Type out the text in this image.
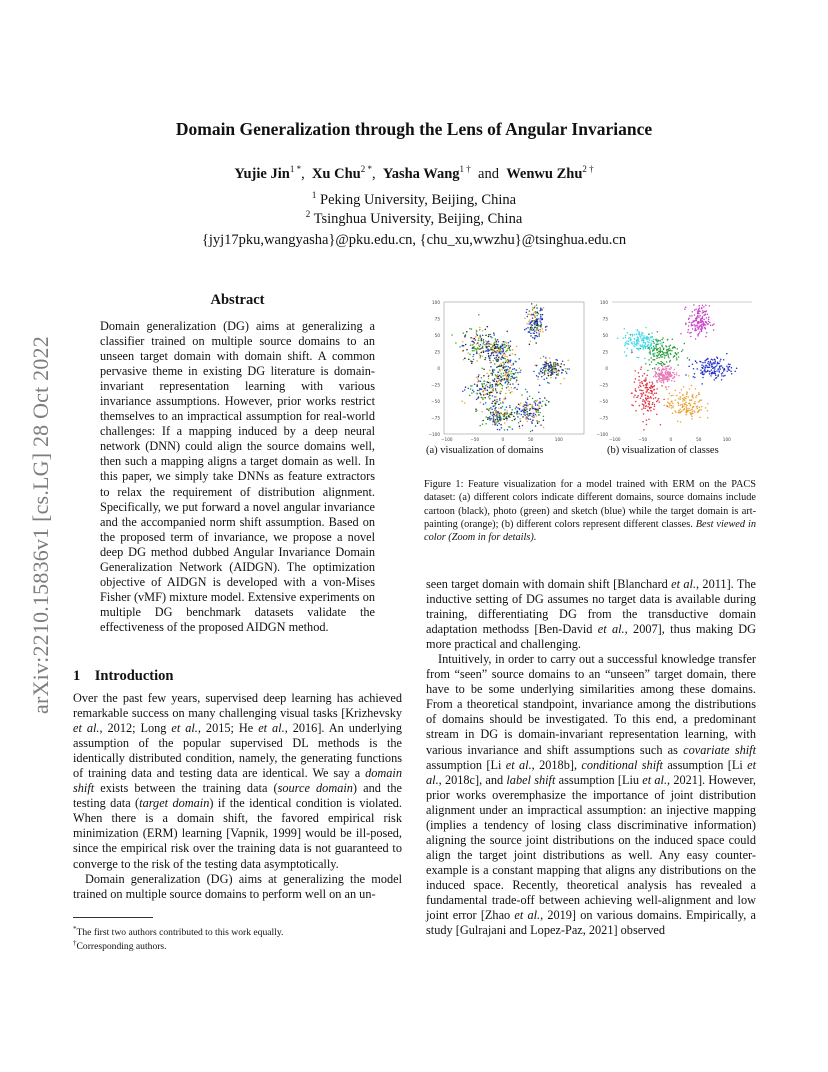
arXiv:2210.15836v1 [cs.LG] 28 Oct 2022
Domain Generalization through the Lens of Angular Invariance
Yujie Jin$^{1 *}$, Xu Chu$^{2 *}$, Yasha Wang$^{1 \dagger}$ and Wenwu Zhu$^{2 \dagger}$
$^1$ Peking University, Beijing, China
$^2$ Tsinghua University, Beijing, China
{jyj17pku,wangyasha}@pku.edu.cn, {chu_xu,wwzhu}@tsinghua.edu.cn
Abstract

Domain generalization (DG) aims at generalizing a classifier trained on multiple source domains to an unseen target domain with domain shift. A common pervasive theme in existing DG literature is domain-invariant representation learning with various invariance assumptions. However, prior works restrict themselves to an impractical assumption for real-world challenges: If a mapping induced by a deep neural network (DNN) could align the source domains well, then such a mapping aligns a target domain as well. In this paper, we simply take DNNs as feature extractors to relax the requirement of distribution alignment. Specifically, we put forward a novel angular invariance and the accompanied norm shift assumption. Based on the proposed term of invariance, we propose a novel deep DG method dubbed Angular Invariance Domain Generalization Network (AIDGN). The optimization objective of AIDGN is developed with a von-Mises Fisher (vMF) mixture model. Extensive experiments on multiple DG benchmark datasets validate the effectiveness of the proposed AIDGN method.

1 Introduction

Over the past few years, supervised deep learning has achieved remarkable success on many challenging visual tasks [Krizhevsky et al., 2012; Long et al., 2015; He et al., 2016]. An underlying assumption of the popular supervised DL methods is the identically distributed condition, namely, the generating functions of training data and testing data are identical. We say a domain shift exists between the training data (source domain) and the testing data (target domain) if the identical condition is violated. When there is a domain shift, the favored empirical risk minimization (ERM) learning [Vapnik, 1999] would be ill-posed, since the empirical risk over the training data is not guaranteed to converge to the risk of the testing data asymptotically.

Domain generalization (DG) aims at generalizing the model trained on multiple source domains to perform well on an un-

*The first two authors contributed to this work equally.
†Corresponding authors.
100
75
50
25
0
−25
−50
−75
−100
−100	−50	0	50	100
100
75
50
25
0
−25
−50
−75
−100
−100	−50	0	50	100
(a) visualization of domains	(b) visualization of classes
Figure 1: Feature visualization for a model trained with ERM on the PACS dataset: (a) different colors indicate different domains, source domains include cartoon (black), photo (green) and sketch (blue) while the target domain is art-painting (orange); (b) different colors represent different classes. Best viewed in color (Zoom in for details).

seen target domain with domain shift [Blanchard et al., 2011]. The inductive setting of DG assumes no target data is available during training, differentiating DG from the transductive domain adaptation methodss [Ben-David et al., 2007], thus making DG more practical and challenging.

Intuitively, in order to carry out a successful knowledge transfer from “seen” source domains to an “unseen” target domain, there have to be some underlying similarities among these domains. From a theoretical standpoint, invariance among the distributions of domains should be investigated. To this end, a predominant stream in DG is domain-invariant representation learning, with various invariance and shift assumptions such as covariate shift assumption [Li et al., 2018b], conditional shift assumption [Li et al., 2018c], and label shift assumption [Liu et al., 2021]. However, prior works overemphasize the importance of joint distribution alignment under an impractical assumption: an injective mapping (implies a tendency of losing class discriminative information) aligning the source joint distributions on the induced space could align the target joint distributions as well. Any easy counter-example is a constant mapping that aligns any distributions on the induced space. Recently, theoretical analysis has revealed a fundamental trade-off between achieving well-alignment and low joint error [Zhao et al., 2019] on various domains. Empirically, a study [Gulrajani and Lopez-Paz, 2021] observed
